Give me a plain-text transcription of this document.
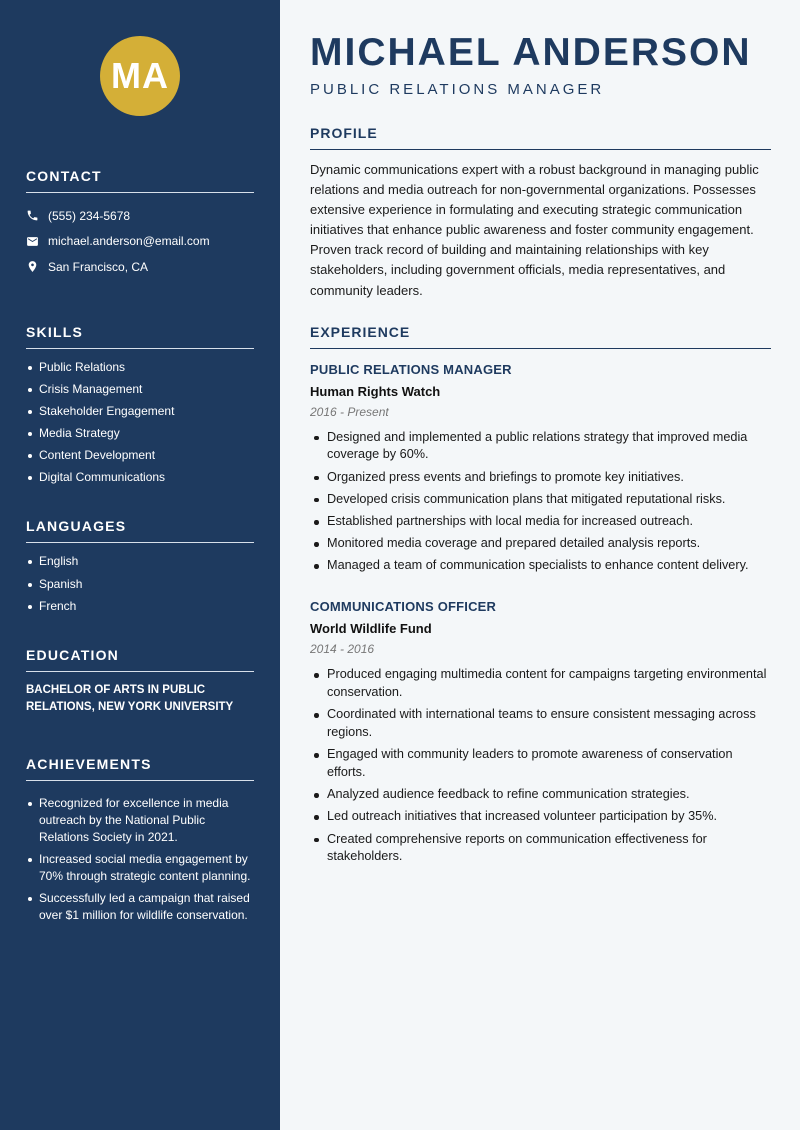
MA
CONTACT
(555) 234-5678
michael.anderson@email.com
San Francisco, CA
SKILLS
Public Relations
Crisis Management
Stakeholder Engagement
Media Strategy
Content Development
Digital Communications
LANGUAGES
English
Spanish
French
EDUCATION
BACHELOR OF ARTS IN PUBLIC RELATIONS, NEW YORK UNIVERSITY
ACHIEVEMENTS
Recognized for excellence in media outreach by the National Public Relations Society in 2021.
Increased social media engagement by 70% through strategic content planning.
Successfully led a campaign that raised over $1 million for wildlife conservation.
MICHAEL ANDERSON
PUBLIC RELATIONS MANAGER
PROFILE

Dynamic communications expert with a robust background in managing public relations and media outreach for non-governmental organizations. Possesses extensive experience in formulating and executing strategic communication initiatives that enhance public awareness and foster community engagement. Proven track record of building and maintaining relationships with key stakeholders, including government officials, media representatives, and community leaders.

EXPERIENCE
PUBLIC RELATIONS MANAGER
Human Rights Watch
2016 - Present
Designed and implemented a public relations strategy that improved media coverage by 60%.
Organized press events and briefings to promote key initiatives.
Developed crisis communication plans that mitigated reputational risks.
Established partnerships with local media for increased outreach.
Monitored media coverage and prepared detailed analysis reports.
Managed a team of communication specialists to enhance content delivery.
COMMUNICATIONS OFFICER
World Wildlife Fund
2014 - 2016
Produced engaging multimedia content for campaigns targeting environmental conservation.
Coordinated with international teams to ensure consistent messaging across regions.
Engaged with community leaders to promote awareness of conservation efforts.
Analyzed audience feedback to refine communication strategies.
Led outreach initiatives that increased volunteer participation by 35%.
Created comprehensive reports on communication effectiveness for stakeholders.
